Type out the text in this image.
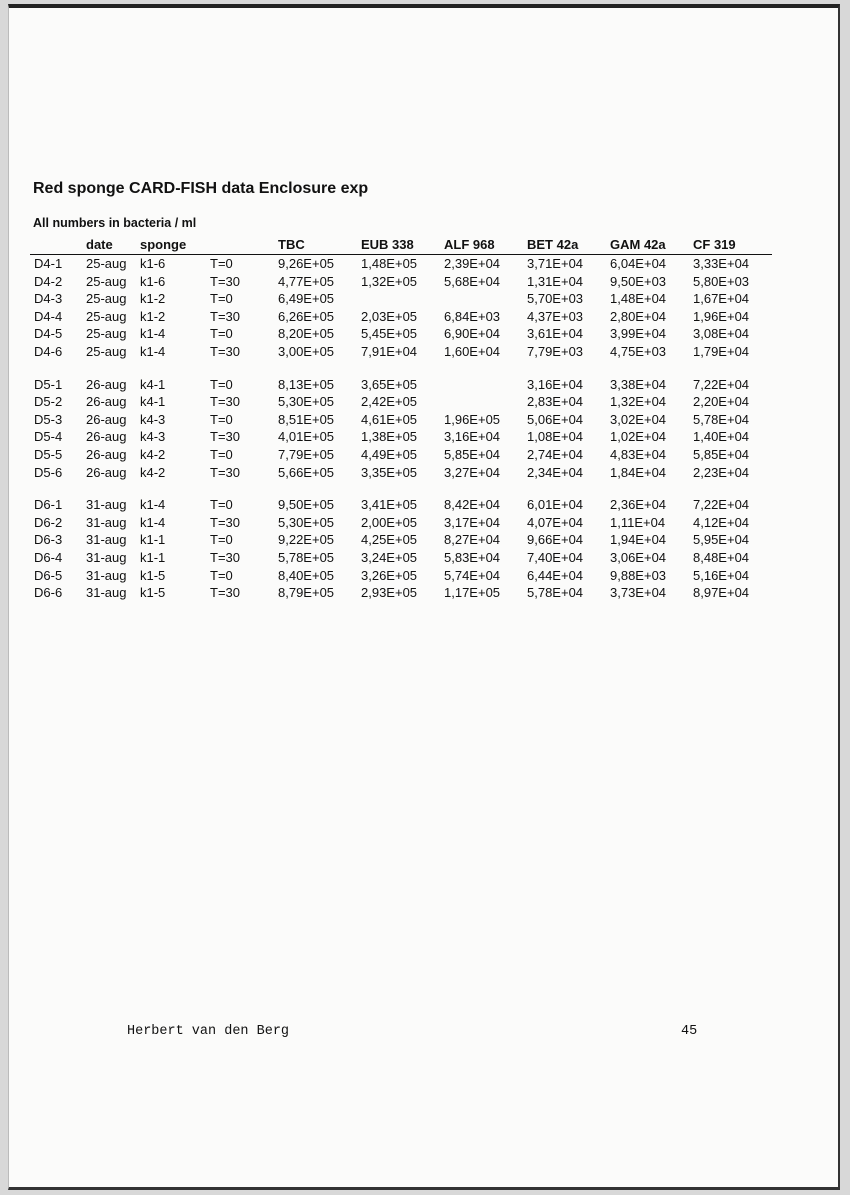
Red sponge CARD-FISH data Enclosure exp
All numbers in bacteria / ml
	date	sponge		TBC	EUB 338	ALF 968	BET 42a	GAM 42a	CF 319
D4-1	25-aug	k1-6	T=0	9,26E+05	1,48E+05	2,39E+04	3,71E+04	6,04E+04	3,33E+04
D4-2	25-aug	k1-6	T=30	4,77E+05	1,32E+05	5,68E+04	1,31E+04	9,50E+03	5,80E+03
D4-3	25-aug	k1-2	T=0	6,49E+05			5,70E+03	1,48E+04	1,67E+04
D4-4	25-aug	k1-2	T=30	6,26E+05	2,03E+05	6,84E+03	4,37E+03	2,80E+04	1,96E+04
D4-5	25-aug	k1-4	T=0	8,20E+05	5,45E+05	6,90E+04	3,61E+04	3,99E+04	3,08E+04
D4-6	25-aug	k1-4	T=30	3,00E+05	7,91E+04	1,60E+04	7,79E+03	4,75E+03	1,79E+04

D5-1	26-aug	k4-1	T=0	8,13E+05	3,65E+05		3,16E+04	3,38E+04	7,22E+04
D5-2	26-aug	k4-1	T=30	5,30E+05	2,42E+05		2,83E+04	1,32E+04	2,20E+04
D5-3	26-aug	k4-3	T=0	8,51E+05	4,61E+05	1,96E+05	5,06E+04	3,02E+04	5,78E+04
D5-4	26-aug	k4-3	T=30	4,01E+05	1,38E+05	3,16E+04	1,08E+04	1,02E+04	1,40E+04
D5-5	26-aug	k4-2	T=0	7,79E+05	4,49E+05	5,85E+04	2,74E+04	4,83E+04	5,85E+04
D5-6	26-aug	k4-2	T=30	5,66E+05	3,35E+05	3,27E+04	2,34E+04	1,84E+04	2,23E+04

D6-1	31-aug	k1-4	T=0	9,50E+05	3,41E+05	8,42E+04	6,01E+04	2,36E+04	7,22E+04
D6-2	31-aug	k1-4	T=30	5,30E+05	2,00E+05	3,17E+04	4,07E+04	1,11E+04	4,12E+04
D6-3	31-aug	k1-1	T=0	9,22E+05	4,25E+05	8,27E+04	9,66E+04	1,94E+04	5,95E+04
D6-4	31-aug	k1-1	T=30	5,78E+05	3,24E+05	5,83E+04	7,40E+04	3,06E+04	8,48E+04
D6-5	31-aug	k1-5	T=0	8,40E+05	3,26E+05	5,74E+04	6,44E+04	9,88E+03	5,16E+04
D6-6	31-aug	k1-5	T=30	8,79E+05	2,93E+05	1,17E+05	5,78E+04	3,73E+04	8,97E+04
Herbert van den Berg	45
